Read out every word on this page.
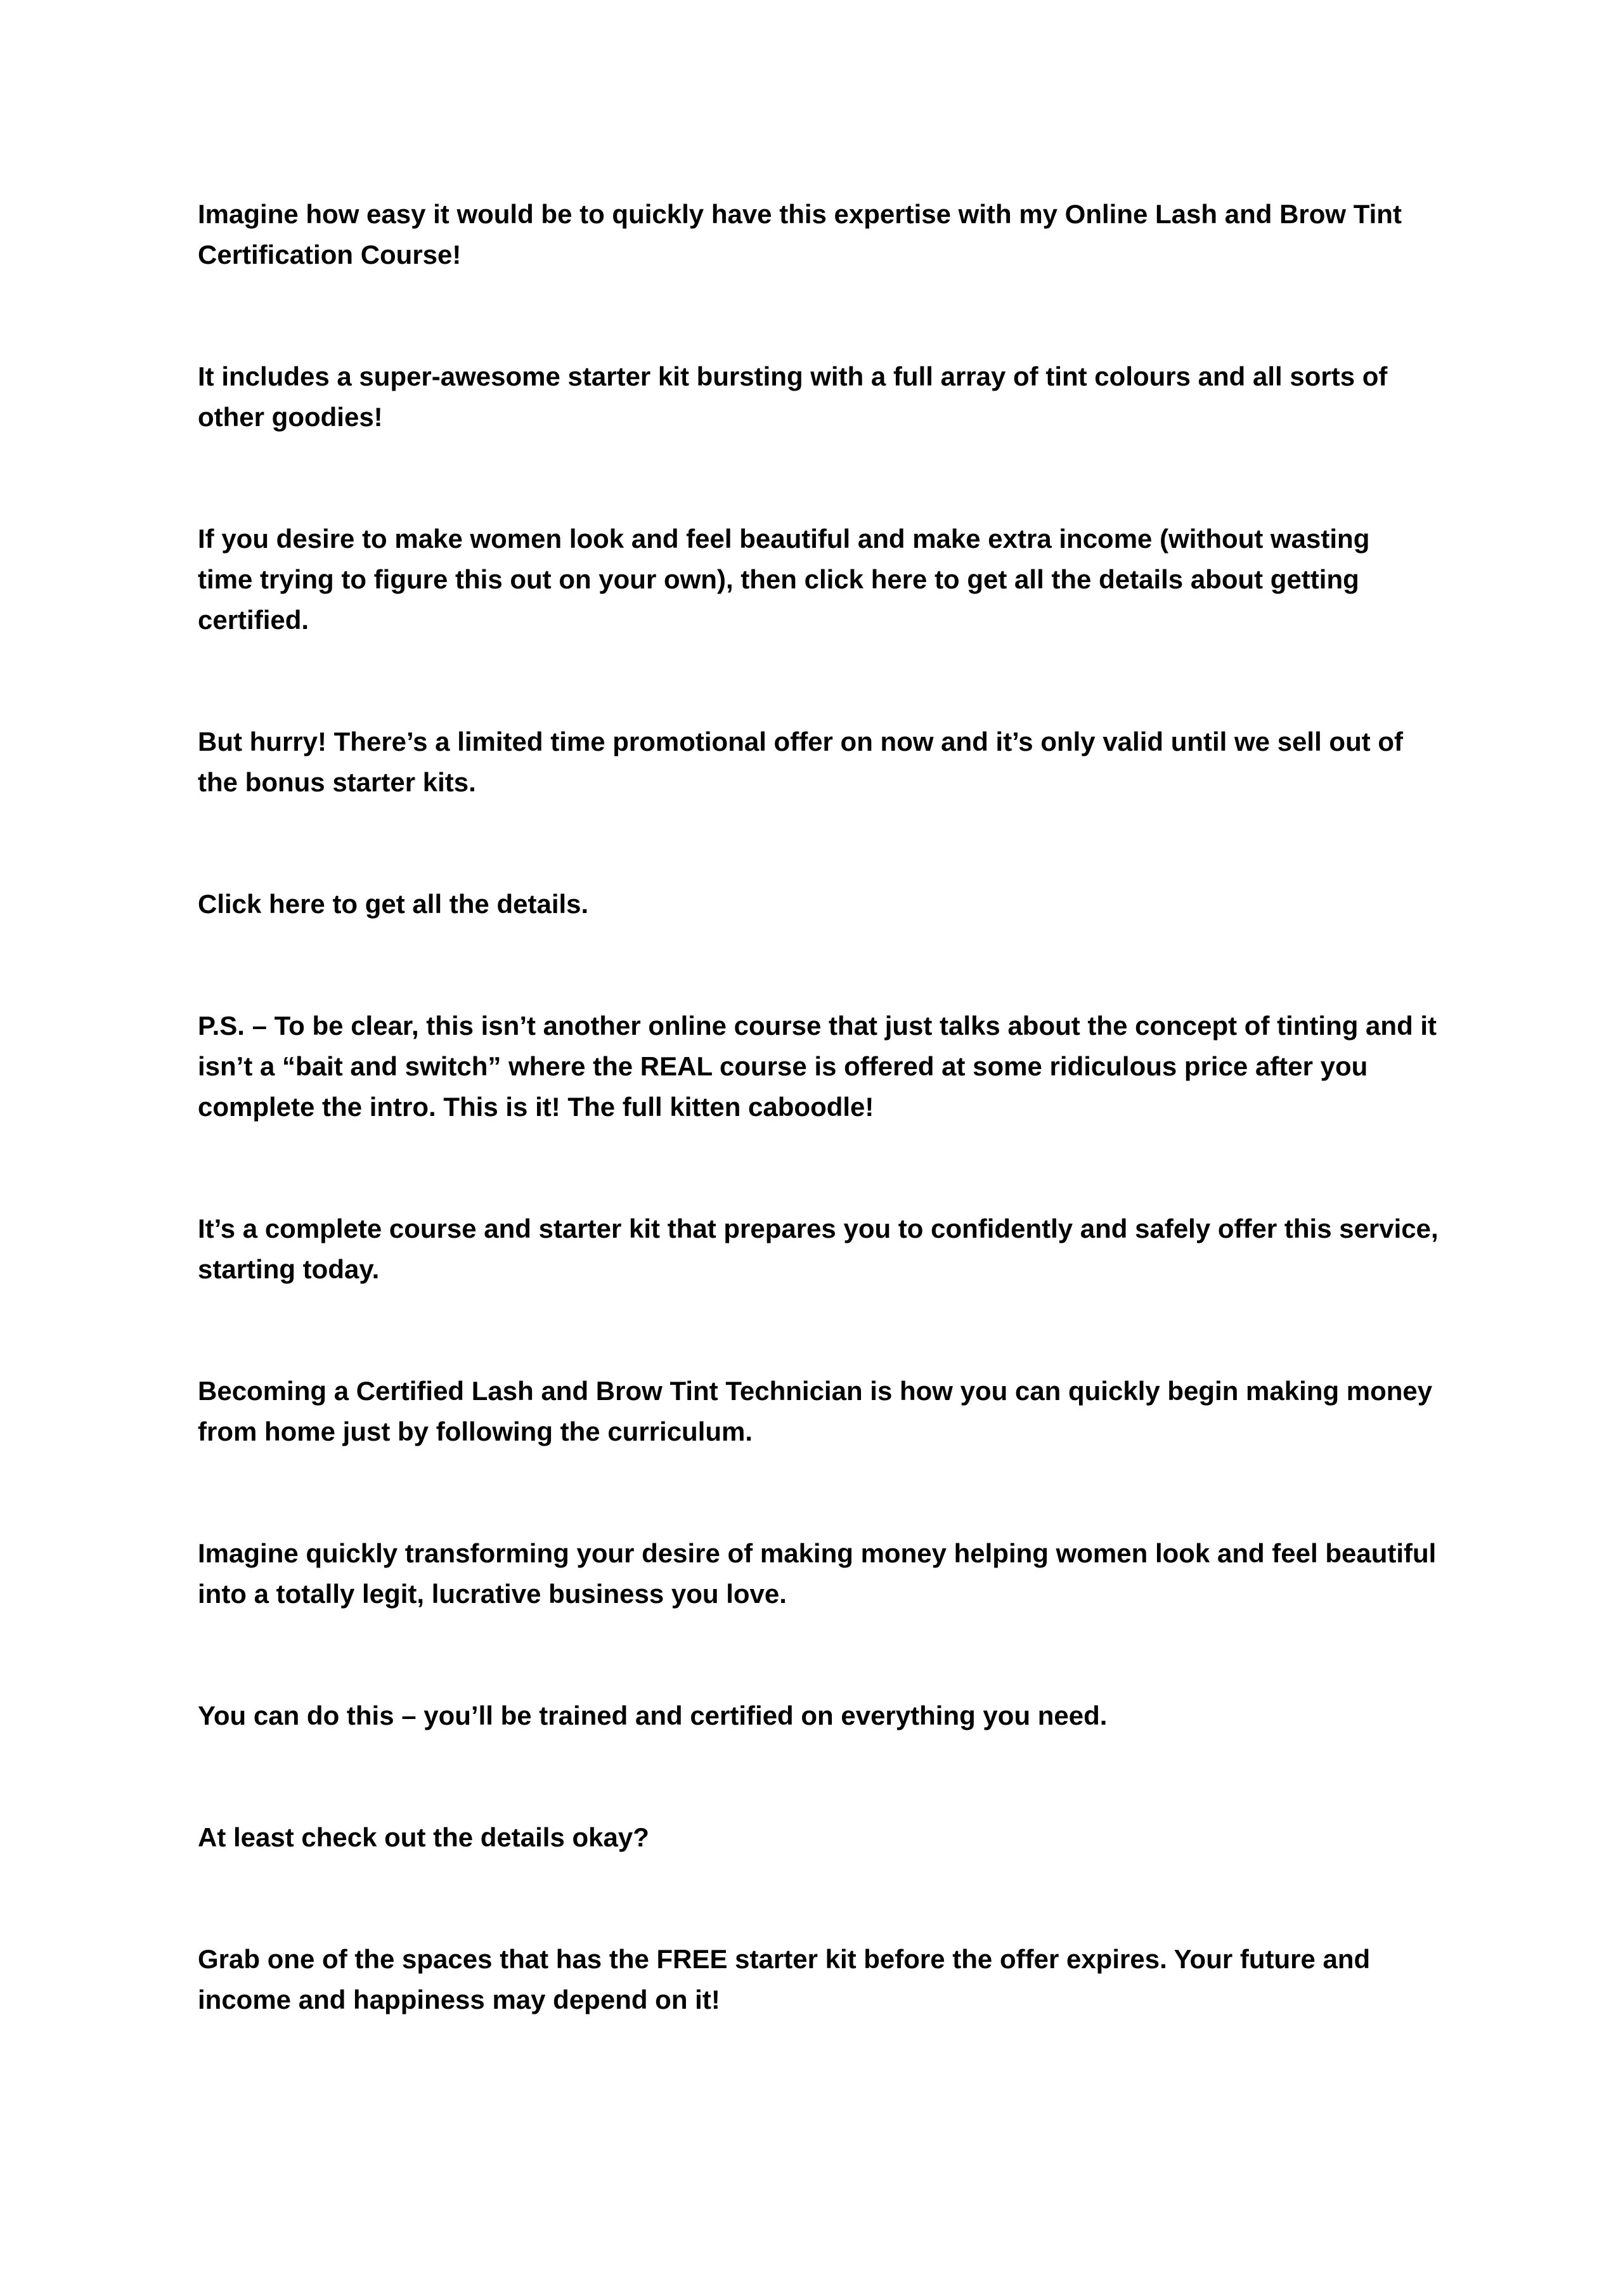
Imagine how easy it would be to quickly have this expertise with my Online Lash and Brow Tint
Certification Course!

It includes a super-awesome starter kit bursting with a full array of tint colours and all sorts of
other goodies!

If you desire to make women look and feel beautiful and make extra income (without wasting
time trying to figure this out on your own), then click here to get all the details about getting
certified.

But hurry! There’s a limited time promotional offer on now and it’s only valid until we sell out of
the bonus starter kits.

Click here to get all the details.

P.S. – To be clear, this isn’t another online course that just talks about the concept of tinting and it
isn’t a “bait and switch” where the REAL course is offered at some ridiculous price after you
complete the intro. This is it! The full kitten caboodle!

It’s a complete course and starter kit that prepares you to confidently and safely offer this service,
starting today.

Becoming a Certified Lash and Brow Tint Technician is how you can quickly begin making money
from home just by following the curriculum.

Imagine quickly transforming your desire of making money helping women look and feel beautiful
into a totally legit, lucrative business you love.

You can do this – you’ll be trained and certified on everything you need.

At least check out the details okay?

Grab one of the spaces that has the FREE starter kit before the offer expires. Your future and
income and happiness may depend on it!
